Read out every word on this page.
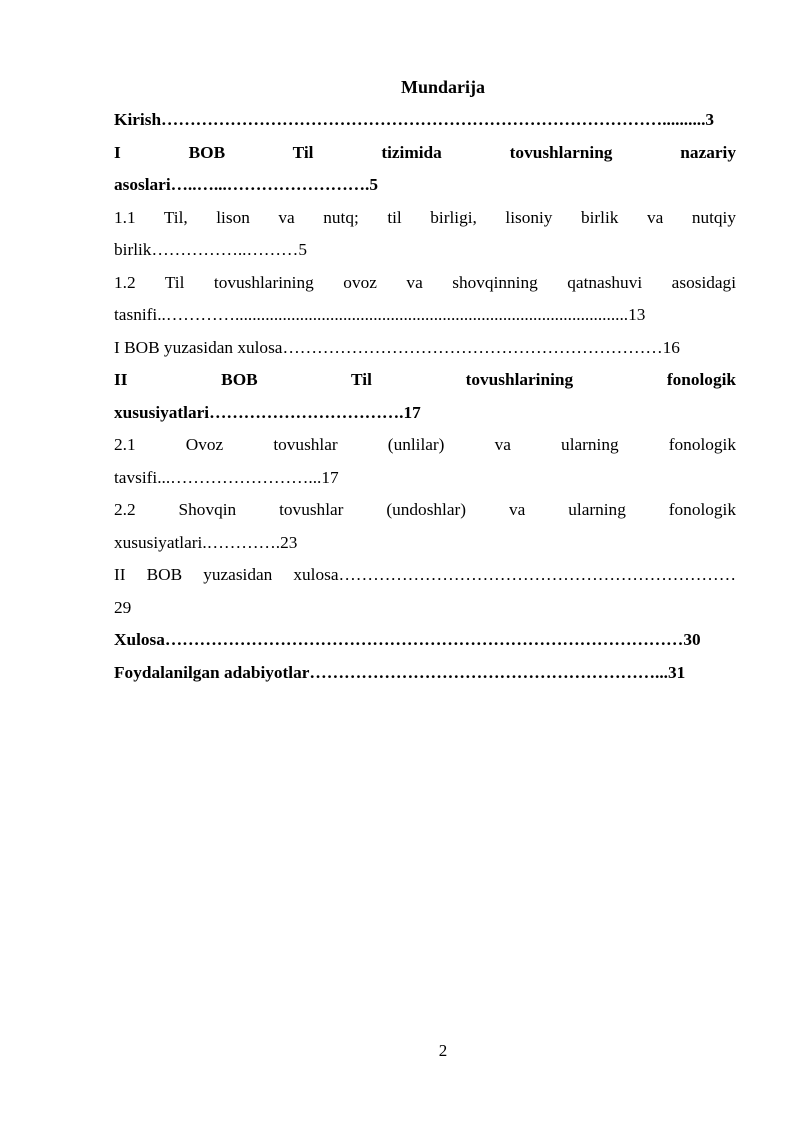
Mundarija
Kirish……………………………………………………………………………..........3
I BOB Til tizimida tovushlarning nazariy
asoslari…..…...…………………….5
1.1 Til, lison va nutq; til birligi, lisoniy birlik va nutqiy
birlik……………..………5
1.2 Til tovushlarining ovoz va shovqinning qatnashuvi asosidagi
tasnifi..…………...........................................................................................13
I BOB yuzasidan xulosa…………………………………………………………16
II BOB Til tovushlarining fonologik
xususiyatlari…………………………….17
2.1 Ovoz tovushlar (unlilar) va ularning fonologik
tavsifi...……………………...17
2.2 Shovqin tovushlar (undoshlar) va ularning fonologik
xususiyatlari.………….23
II BOB yuzasidan xulosa……………………………………………………………
29
Xulosa………………………………………………………………………………30
Foydalanilgan adabiyotlar……………………………………………………...31
2
